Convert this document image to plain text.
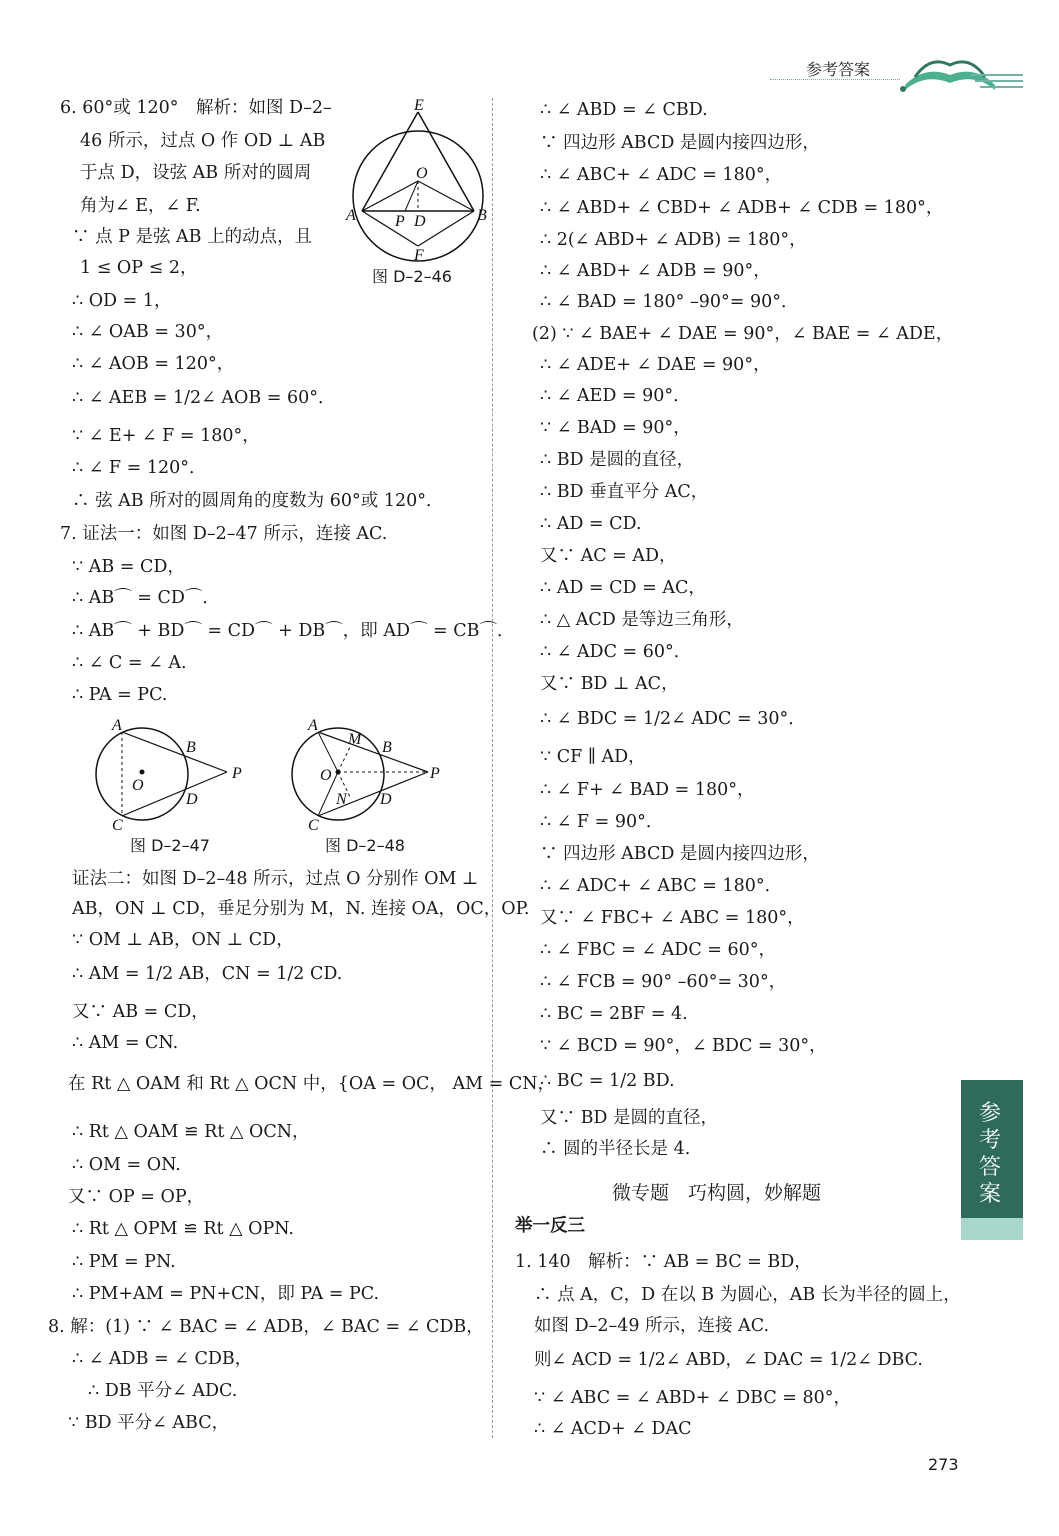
参考答案
6. 60°或 120°　解析：如图 D–2–
46 所示，过点 O 作 OD ⊥ AB
于点 D，设弦 AB 所对的圆周
角为∠ E，∠ F.
∵ 点 P 是弦 AB 上的动点，且
1 ≤ OP ≤ 2，
∴ OD = 1，
∴ ∠ OAB = 30°，
∴ ∠ AOB = 120°，
∴ ∠ AEB = 1/2∠ AOB = 60°．
∵ ∠ E+ ∠ F = 180°，
∴ ∠ F = 120°．
∴ 弦 AB 所对的圆周角的度数为 60°或 120°．
7. 证法一：如图 D–2–47 所示，连接 AC.
∵ AB = CD，
∴ AB⌒ = CD⌒．
∴ AB⌒ + BD⌒ = CD⌒ + DB⌒，即 AD⌒ = CB⌒．
∴ ∠ C = ∠ A.
∴ PA = PC.
E
O
A P D	B
F
图 D–2–46
A
B
O
P
D
C
图 D–2–47
A
M B
O	P
N D
C
图 D–2–48
证法二：如图 D–2–48 所示，过点 O 分别作 OM ⊥
AB，ON ⊥ CD，垂足分别为 M，N. 连接 OA，OC，OP.
∵ OM ⊥ AB，ON ⊥ CD，
∴ AM = 1/2 AB，CN = 1/2 CD.
又∵ AB = CD，
∴ AM = CN.
在 Rt △ OAM 和 Rt △ OCN 中，{OA = OC， AM = CN，
∴ Rt △ OAM ≌ Rt △ OCN，
∴ OM = ON.
又∵ OP = OP，
∴ Rt △ OPM ≌ Rt △ OPN.
∴ PM = PN.
∴ PM+AM = PN+CN，即 PA = PC.
8. 解：(1) ∵ ∠ BAC = ∠ ADB，∠ BAC = ∠ CDB，
∴ ∠ ADB = ∠ CDB，
∴ DB 平分∠ ADC.
∵ BD 平分∠ ABC，
∴ ∠ ABD = ∠ CBD.
∵ 四边形 ABCD 是圆内接四边形，
∴ ∠ ABC+ ∠ ADC = 180°，
∴ ∠ ABD+ ∠ CBD+ ∠ ADB+ ∠ CDB = 180°，
∴ 2(∠ ABD+ ∠ ADB) = 180°，
∴ ∠ ABD+ ∠ ADB = 90°，
∴ ∠ BAD = 180° –90°= 90°．
(2) ∵ ∠ BAE+ ∠ DAE = 90°，∠ BAE = ∠ ADE，
∴ ∠ ADE+ ∠ DAE = 90°，
∴ ∠ AED = 90°．
∵ ∠ BAD = 90°，
∴ BD 是圆的直径，
∴ BD 垂直平分 AC，
∴ AD = CD.
又∵ AC = AD，
∴ AD = CD = AC，
∴ △ ACD 是等边三角形，
∴ ∠ ADC = 60°．
又∵ BD ⊥ AC，
∴ ∠ BDC = 1/2∠ ADC = 30°．
∵ CF ∥ AD，
∴ ∠ F+ ∠ BAD = 180°，
∴ ∠ F = 90°．
∵ 四边形 ABCD 是圆内接四边形，
∴ ∠ ADC+ ∠ ABC = 180°．
又∵ ∠ FBC+ ∠ ABC = 180°，
∴ ∠ FBC = ∠ ADC = 60°，
∴ ∠ FCB = 90° –60°= 30°，
∴ BC = 2BF = 4.
∵ ∠ BCD = 90°，∠ BDC = 30°，
∴ BC = 1/2 BD.
又∵ BD 是圆的直径，
∴ 圆的半径长是 4.
微专题　巧构圆，妙解题
举一反三
1. 140　解析：∵ AB = BC = BD，
∴ 点 A，C，D 在以 B 为圆心，AB 长为半径的圆上，
如图 D–2–49 所示，连接 AC.
则∠ ACD = 1/2∠ ABD，∠ DAC = 1/2∠ DBC.
∵ ∠ ABC = ∠ ABD+ ∠ DBC = 80°，
∴ ∠ ACD+ ∠ DAC
参
考
答
案
273
